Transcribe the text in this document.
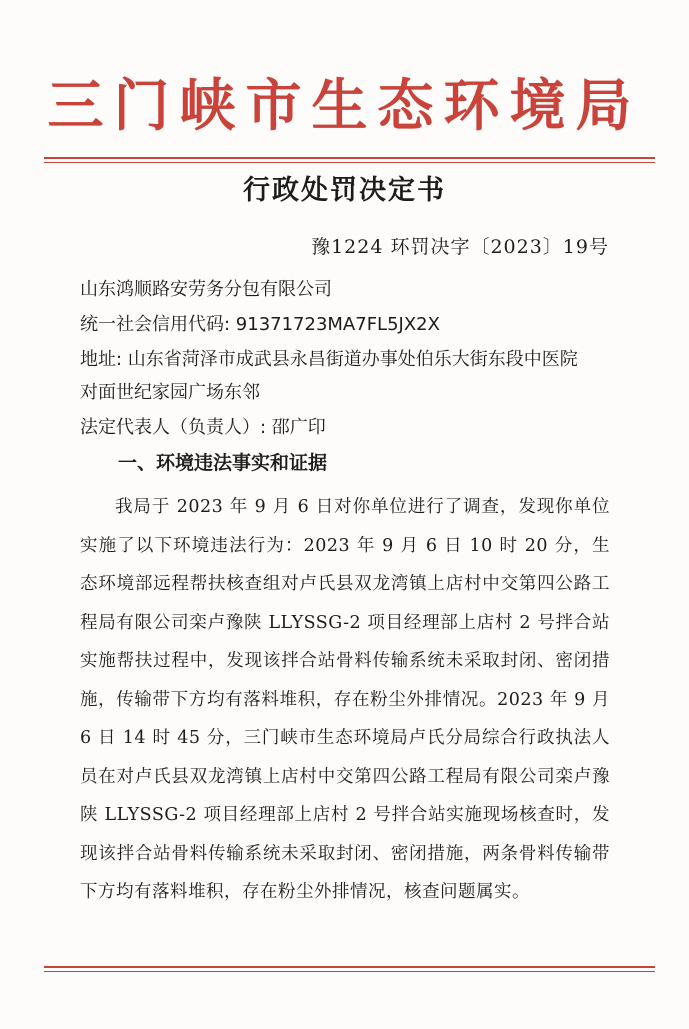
三门峡市生态环境局
行政处罚决定书
豫1224 环罚决字〔2023〕19号
山东鸿顺路安劳务分包有限公司
统一社会信用代码: 91371723MA7FL5JX2X
地址: 山东省菏泽市成武县永昌街道办事处伯乐大街东段中医院
对面世纪家园广场东邻
法定代表人（负责人）: 邵广印
一、环境违法事实和证据
我局于 2023 年 9 月 6 日对你单位进行了调查，发现你单位实施了以下环境违法行为：2023 年 9 月 6 日 10 时 20 分，生态环境部远程帮扶核查组对卢氏县双龙湾镇上店村中交第四公路工程局有限公司栾卢豫陕 LLYSSG-2 项目经理部上店村 2 号拌合站实施帮扶过程中，发现该拌合站骨料传输系统未采取封闭、密闭措施，传输带下方均有落料堆积，存在粉尘外排情况。2023 年 9 月 6 日 14 时 45 分，三门峡市生态环境局卢氏分局综合行政执法人员在对卢氏县双龙湾镇上店村中交第四公路工程局有限公司栾卢豫陕 LLYSSG-2 项目经理部上店村 2 号拌合站实施现场核查时，发现该拌合站骨料传输系统未采取封闭、密闭措施，两条骨料传输带下方均有落料堆积，存在粉尘外排情况，核查问题属实。
